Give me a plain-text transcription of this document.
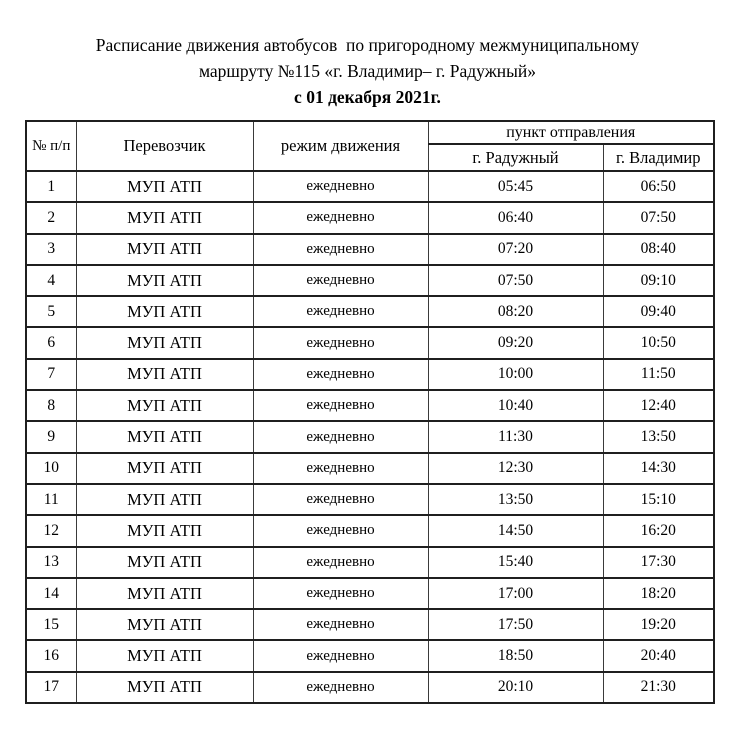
Расписание движения автобусов  по пригородному межмуниципальному
маршруту №115 «г. Владимир– г. Радужный»
с 01 декабря 2021г.
№ п/п	Перевозчик	режим движения	пункт отправления	
			г. Радужный	г. Владимир
1	МУП АТП	ежедневно	05:45	06:50
2	МУП АТП	ежедневно	06:40	07:50
3	МУП АТП	ежедневно	07:20	08:40
4	МУП АТП	ежедневно	07:50	09:10
5	МУП АТП	ежедневно	08:20	09:40
6	МУП АТП	ежедневно	09:20	10:50
7	МУП АТП	ежедневно	10:00	11:50
8	МУП АТП	ежедневно	10:40	12:40
9	МУП АТП	ежедневно	11:30	13:50
10	МУП АТП	ежедневно	12:30	14:30
11	МУП АТП	ежедневно	13:50	15:10
12	МУП АТП	ежедневно	14:50	16:20
13	МУП АТП	ежедневно	15:40	17:30
14	МУП АТП	ежедневно	17:00	18:20
15	МУП АТП	ежедневно	17:50	19:20
16	МУП АТП	ежедневно	18:50	20:40
17	МУП АТП	ежедневно	20:10	21:30
